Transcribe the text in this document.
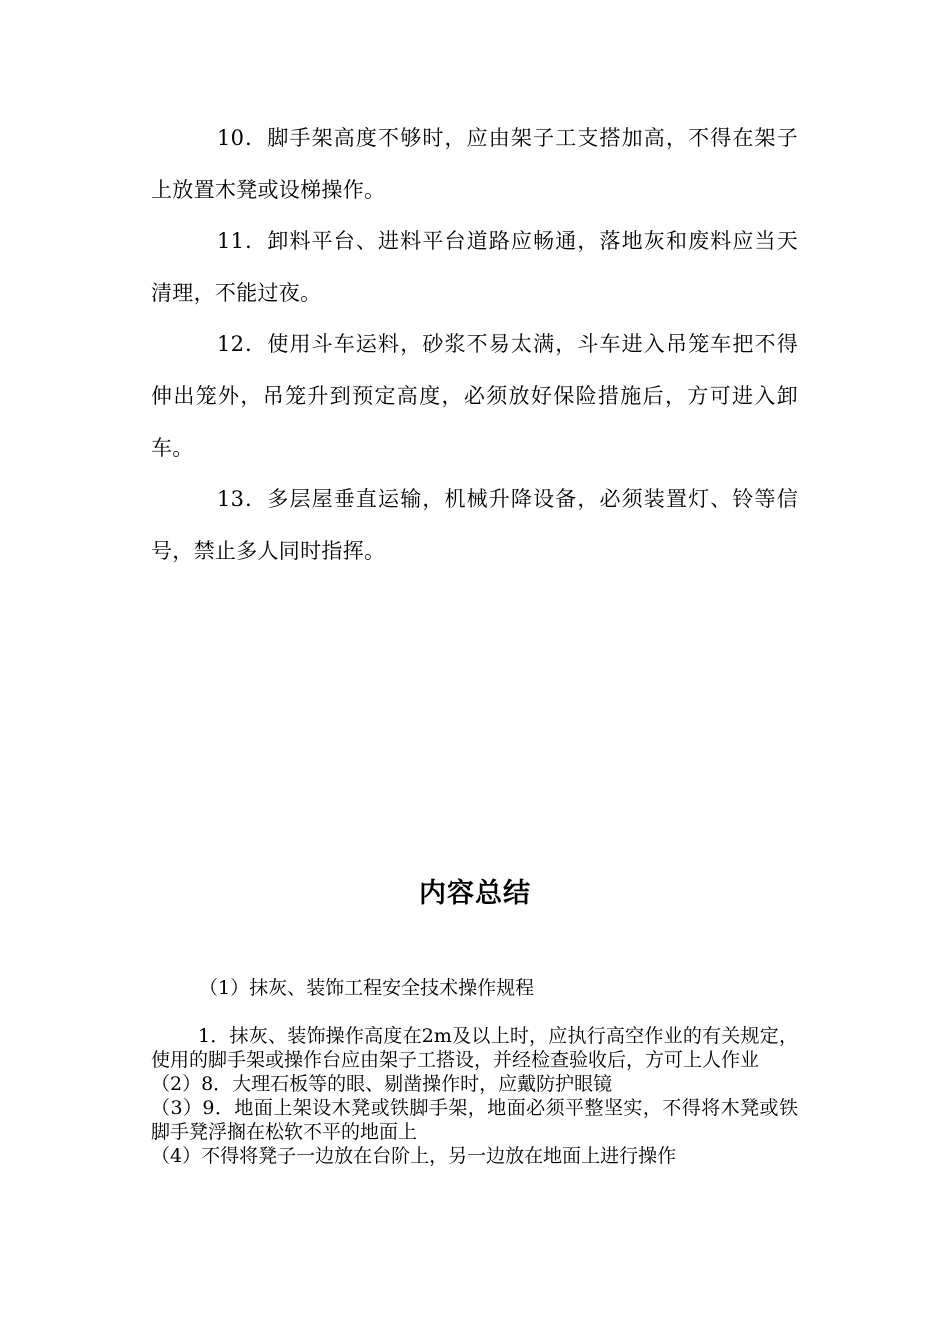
10．脚手架高度不够时，应由架子工支搭加高，不得在架子上放置木凳或设梯操作。

11．卸料平台、进料平台道路应畅通，落地灰和废料应当天清理，不能过夜。

12．使用斗车运料，砂浆不易太满，斗车进入吊笼车把不得伸出笼外，吊笼升到预定高度，必须放好保险措施后，方可进入卸车。

13．多层屋垂直运输，机械升降设备，必须装置灯、铃等信号，禁止多人同时指挥。

内容总结

（1）抹灰、装饰工程安全技术操作规程

1．抹灰、装饰操作高度在2m及以上时，应执行高空作业的有关规定，使用的脚手架或操作台应由架子工搭设，并经检查验收后，方可上人作业

（2）8．大理石板等的眼、剔凿操作时，应戴防护眼镜

（3）9．地面上架设木凳或铁脚手架，地面必须平整坚实，不得将木凳或铁脚手凳浮搁在松软不平的地面上

（4）不得将凳子一边放在台阶上，另一边放在地面上进行操作
